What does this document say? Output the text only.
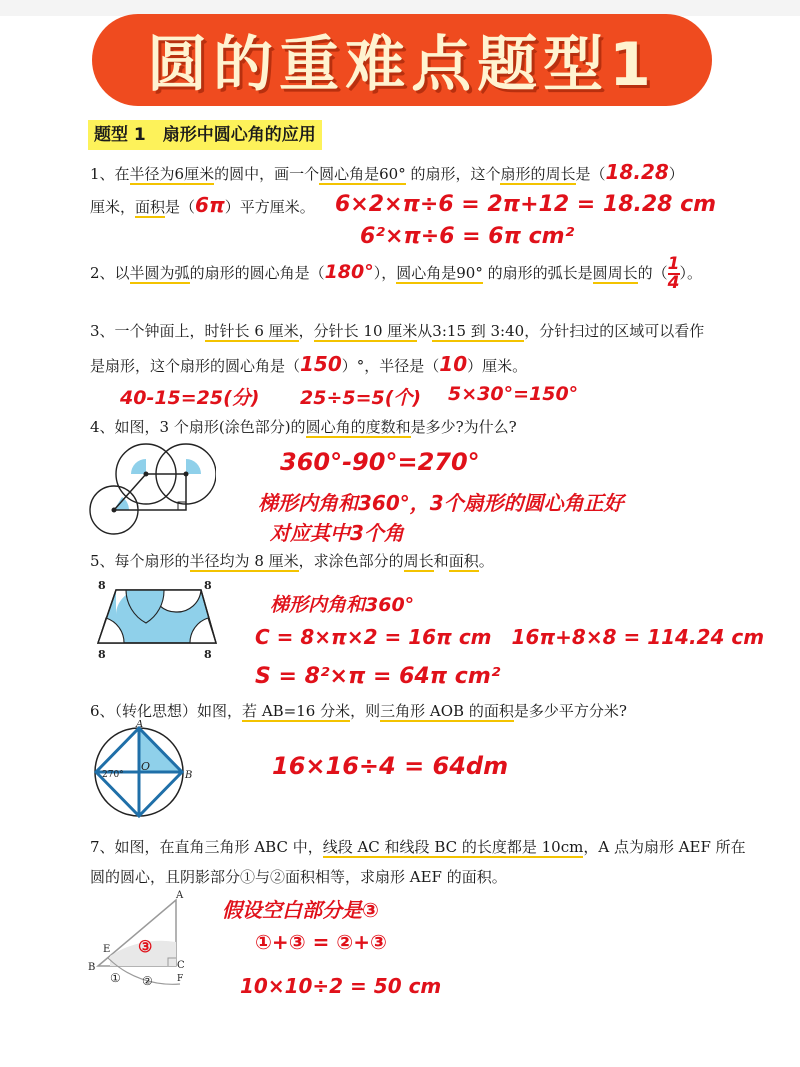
圆的重难点题型1
题型 1　扇形中圆心角的应用
1、在半径为6厘米的圆中，画一个圆心角是60° 的扇形，这个扇形的周长是（18.28）
厘米，面积是（6π）平方厘米。 6×2×π÷6 = 2π+12 = 18.28 cm
6²×π÷6 = 6π cm²
2、以半圆为弧的扇形的圆心角是（180°），圆心角是90° 的扇形的弧长是圆周长的（ $\frac{1}{4}$ ）。
3、一个钟面上，时针长 6 厘米，分针长 10 厘米从3:15 到 3:40，分针扫过的区域可以看作
是扇形，这个扇形的圆心角是（150）°，半径是（10）厘米。
40-15=25(分) 25÷5=5(个) 5×30°=150°
4、如图，3 个扇形(涂色部分)的圆心角的度数和是多少?为什么?
360°-90°=270°
梯形内角和360°，3个扇形的圆心角正好
对应其中3个角
5、每个扇形的半径均为 8 厘米，求涂色部分的周长和面积。
8	8
8	8
梯形内角和360°
C = 8×π×2 = 16π cm　16π+8×8 = 114.24 cm
S = 8²×π = 64π cm²
6、（转化思想）如图，若 AB=16 分米，则三角形 AOB 的面积是多少平方分米?
A
B
O
270°	16×16÷4 = 64dm
7、如图，在直角三角形 ABC 中，线段 AC 和线段 BC 的长度都是 10cm，A 点为扇形 AEF 所在
圆的圆心，且阴影部分①与②面积相等，求扇形 AEF 的面积。
A
B	C
E
F
① ②
③
假设空白部分是③
①+③ = ②+③
10×10÷2 = 50 cm
